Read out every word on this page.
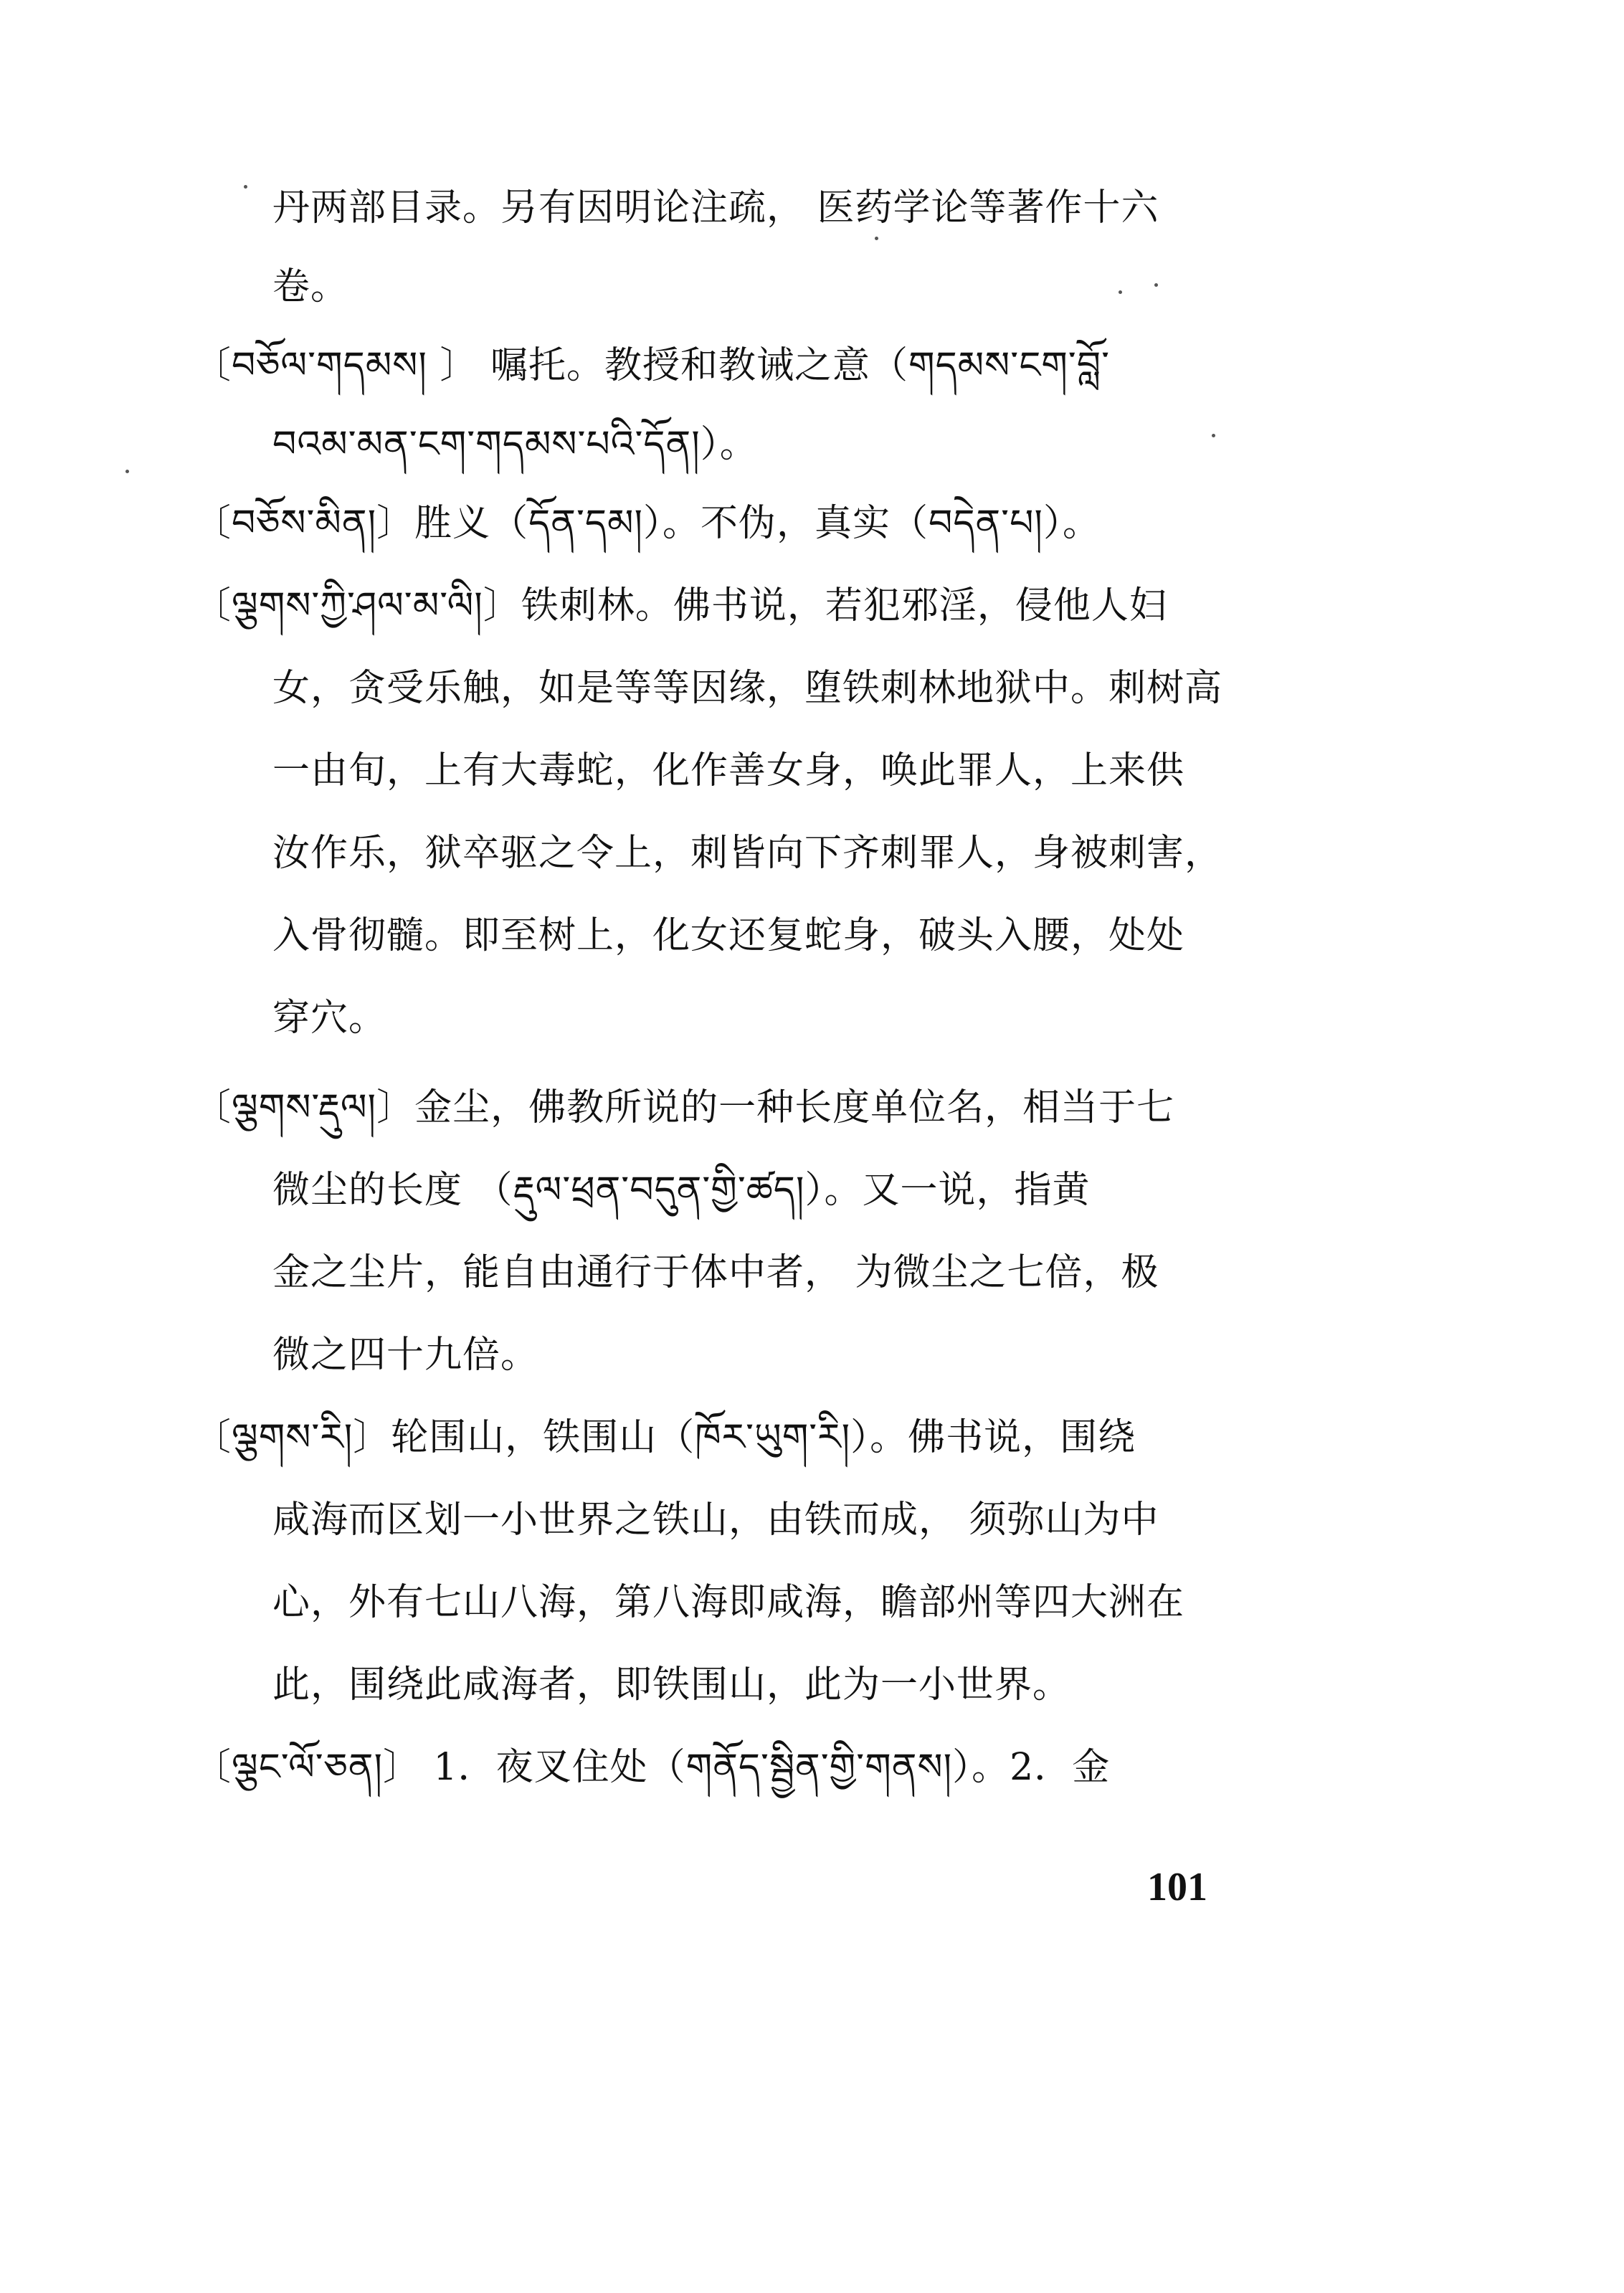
丹两部目录。另有因明论注疏， 医药学论等著作十六
卷。
〔བཅོལ་གདམས། 〕 嘱托。教授和教诫之意（གདམས་ངག་བློ་
བའམ་མན་ངག་གདམས་པའི་དོན།）。
〔བཅོས་མིན།〕胜义（དོན་དམ།）。不伪，真实（བདེན་པ།）。
〔ལྕགས་ཀྱི་ཤལ་མ་ལི།〕铁刺林。佛书说，若犯邪淫，侵他人妇
女，贪受乐触，如是等等因缘，堕铁刺林地狱中。刺树高
一由旬，上有大毒蛇，化作善女身，唤此罪人，上来供
汝作乐，狱卒驱之令上，刺皆向下齐刺罪人，身被刺害，
入骨彻髓。即至树上，化女还复蛇身，破头入腰，处处
穿穴。
〔ལྕགས་རྡུལ།〕金尘，佛教所说的一种长度单位名，相当于七
微尘的长度 （རྡུལ་ཕྲན་བདུན་གྱི་ཚད།）。又一说，指黄
金之尘片，能自由通行于体中者， 为微尘之七倍，极
微之四十九倍。
〔ལྕགས་རི།〕轮围山，铁围山（ཁོར་ཡུག་རི།）。佛书说，围绕
咸海而区划一小世界之铁山，由铁而成， 须弥山为中
心，外有七山八海，第八海即咸海，瞻部州等四大洲在
此，围绕此咸海者，即铁围山，此为一小世界。
〔ལྕང་ལོ་ཅན།〕 1．夜叉住处（གནོད་སྦྱིན་གྱི་གནས།）。2．金
101
